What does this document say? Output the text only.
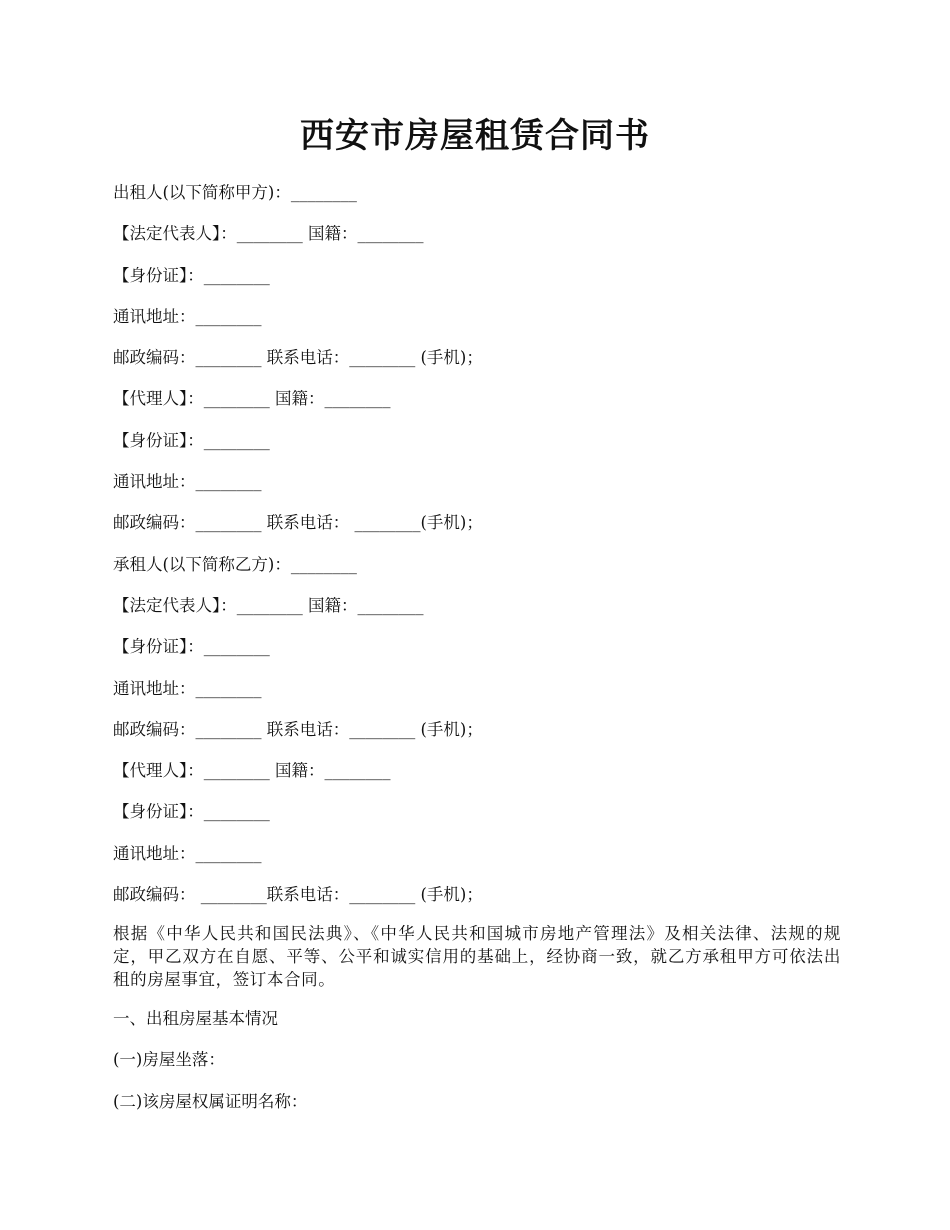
西安市房屋租赁合同书
出租人(以下简称甲方)：________
【法定代表人】：________ 国籍：________
【身份证】：________
通讯地址：________
邮政编码：________ 联系电话：________ (手机)；
【代理人】：________ 国籍：________
【身份证】：________
通讯地址：________
邮政编码：________ 联系电话： ________(手机)；
承租人(以下简称乙方)：________
【法定代表人】：________ 国籍：________
【身份证】：________
通讯地址：________
邮政编码：________ 联系电话：________ (手机)；
【代理人】：________ 国籍：________
【身份证】：________
通讯地址：________
邮政编码： ________联系电话：________ (手机)；
根据《中华人民共和国民法典》、《中华人民共和国城市房地产管理法》及相关法律、法规的规定，甲乙双方在自愿、平等、公平和诚实信用的基础上，经协商一致，就乙方承租甲方可依法出租的房屋事宜，签订本合同。
一、出租房屋基本情况
(一)房屋坐落：
(二)该房屋权属证明名称：
